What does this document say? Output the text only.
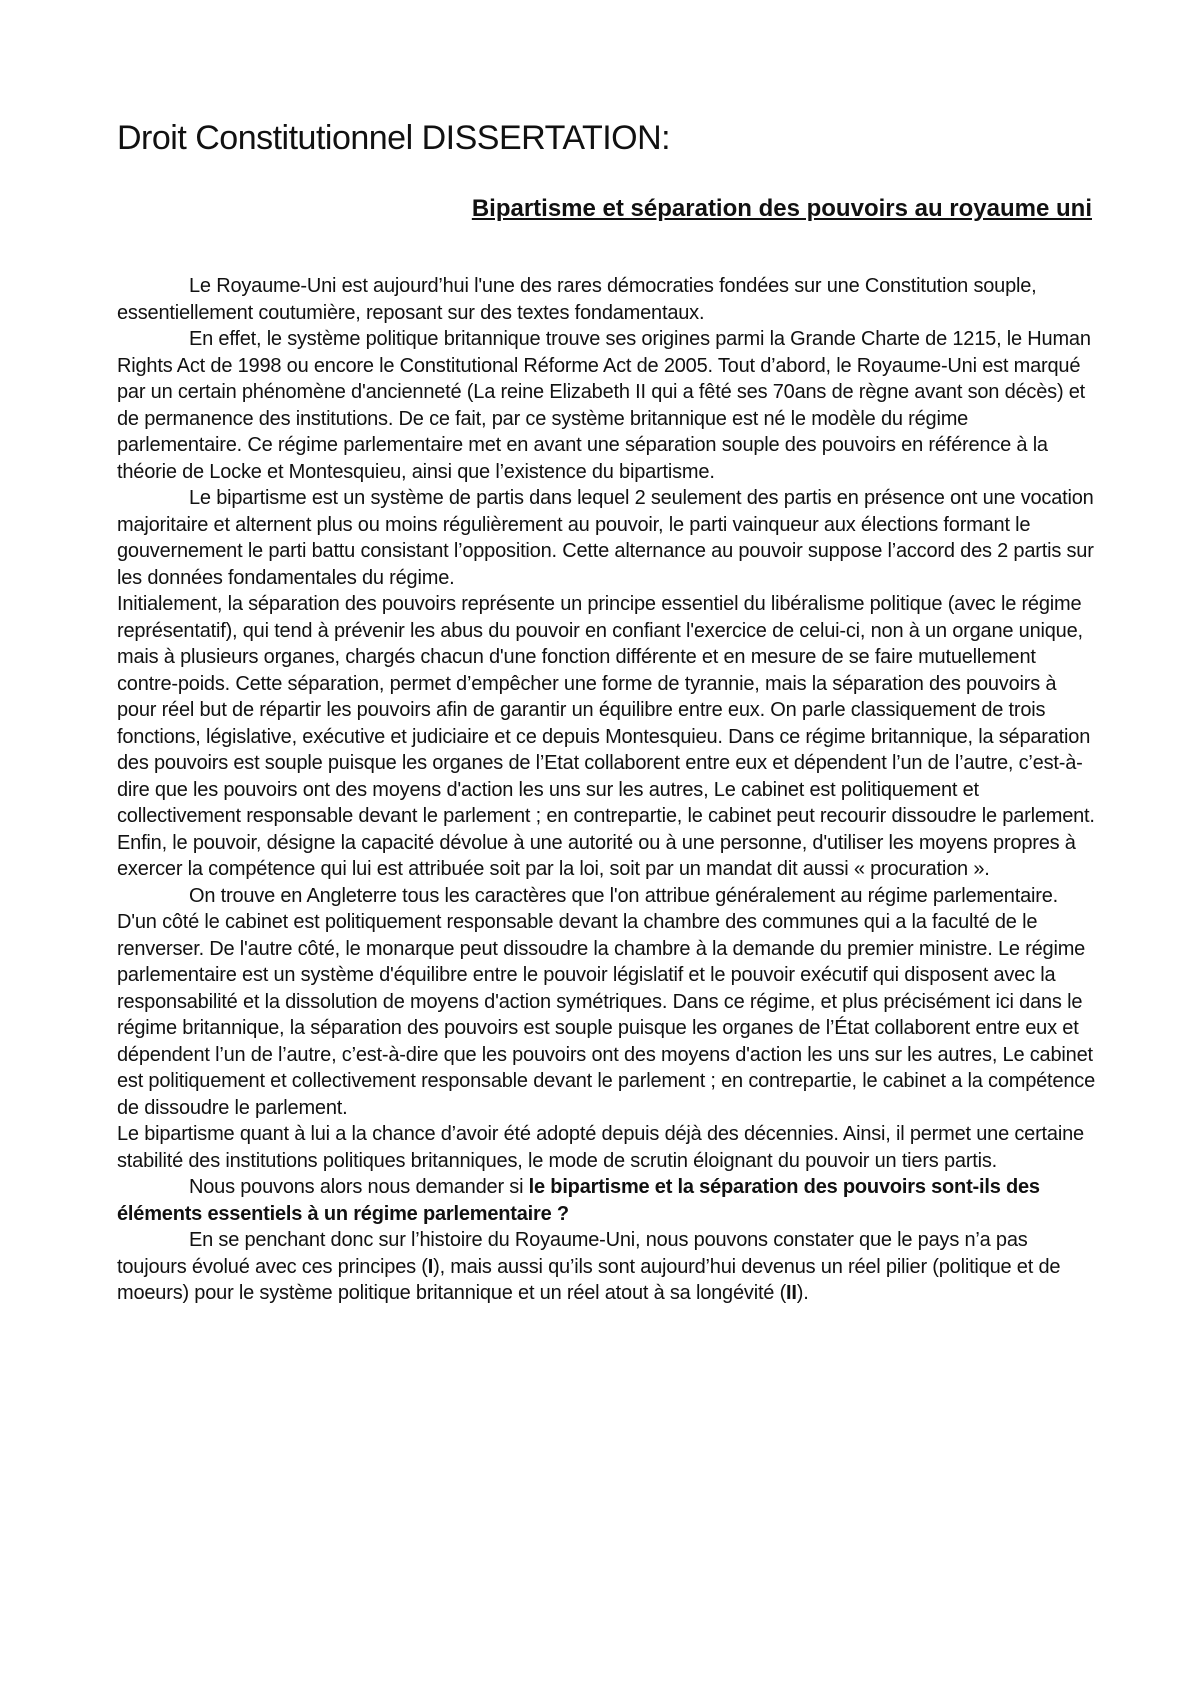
Droit Constitutionnel DISSERTATION:
Bipartisme et séparation des pouvoirs au royaume uni

Le Royaume-Uni est aujourd’hui l'une des rares démocraties fondées sur une Constitution souple, essentiellement coutumière, reposant sur des textes fondamentaux.

En effet, le système politique britannique trouve ses origines parmi la Grande Charte de 1215, le Human Rights Act de 1998 ou encore le Constitutional Réforme Act de 2005. Tout d’abord, le Royaume-Uni est marqué par un certain phénomène d'ancienneté (La reine Elizabeth II qui a fêté ses 70ans de règne avant son décès) et de permanence des institutions. De ce fait, par ce système britannique est né le modèle du régime parlementaire. Ce régime parlementaire met en avant une séparation souple des pouvoirs en référence à la théorie de Locke et Montesquieu, ainsi que l’existence du bipartisme.

Le bipartisme est un système de partis dans lequel 2 seulement des partis en présence ont une vocation majoritaire et alternent plus ou moins régulièrement au pouvoir, le parti vainqueur aux élections formant le gouvernement le parti battu consistant l’opposition. Cette alternance au pouvoir suppose l’accord des 2 partis sur les données fondamentales du régime.

Initialement, la séparation des pouvoirs représente un principe essentiel du libéralisme politique (avec le régime représentatif), qui tend à prévenir les abus du pouvoir en confiant l'exercice de celui-ci, non à un organe unique, mais à plusieurs organes, chargés chacun d'une fonction différente et en mesure de se faire mutuellement contre-poids. Cette séparation, permet d’empêcher une forme de tyrannie, mais la séparation des pouvoirs à pour réel but de répartir les pouvoirs afin de garantir un équilibre entre eux. On parle classiquement de trois fonctions, législative, exécutive et judiciaire et ce depuis Montesquieu. Dans ce régime britannique, la séparation des pouvoirs est souple puisque les organes de l’Etat collaborent entre eux et dépendent l’un de l’autre, c’est-à-dire que les pouvoirs ont des moyens d'action les uns sur les autres, Le cabinet est politiquement et collectivement responsable devant le parlement ; en contrepartie, le cabinet peut recourir dissoudre le parlement. Enfin, le pouvoir, désigne la capacité dévolue à une autorité ou à une personne, d'utiliser les moyens propres à exercer la compétence qui lui est attribuée soit par la loi, soit par un mandat dit aussi « procuration ».

On trouve en Angleterre tous les caractères que l'on attribue généralement au régime parlementaire. D'un côté le cabinet est politiquement responsable devant la chambre des communes qui a la faculté de le renverser. De l'autre côté, le monarque peut dissoudre la chambre à la demande du premier ministre. Le régime parlementaire est un système d'équilibre entre le pouvoir législatif et le pouvoir exécutif qui disposent avec la responsabilité et la dissolution de moyens d'action symétriques. Dans ce régime, et plus précisément ici dans le régime britannique, la séparation des pouvoirs est souple puisque les organes de l’État collaborent entre eux et dépendent l’un de l’autre, c’est-à-dire que les pouvoirs ont des moyens d'action les uns sur les autres, Le cabinet est politiquement et collectivement responsable devant le parlement ; en contrepartie, le cabinet a la compétence de dissoudre le parlement.

Le bipartisme quant à lui a la chance d’avoir été adopté depuis déjà des décennies. Ainsi, il permet une certaine stabilité des institutions politiques britanniques, le mode de scrutin éloignant du pouvoir un tiers partis.

Nous pouvons alors nous demander si le bipartisme et la séparation des pouvoirs sont-ils des éléments essentiels à un régime parlementaire ?

En se penchant donc sur l’histoire du Royaume-Uni, nous pouvons constater que le pays n’a pas toujours évolué avec ces principes (I), mais aussi qu’ils sont aujourd’hui devenus un réel pilier (politique et de moeurs) pour le système politique britannique et un réel atout à sa longévité (II).
